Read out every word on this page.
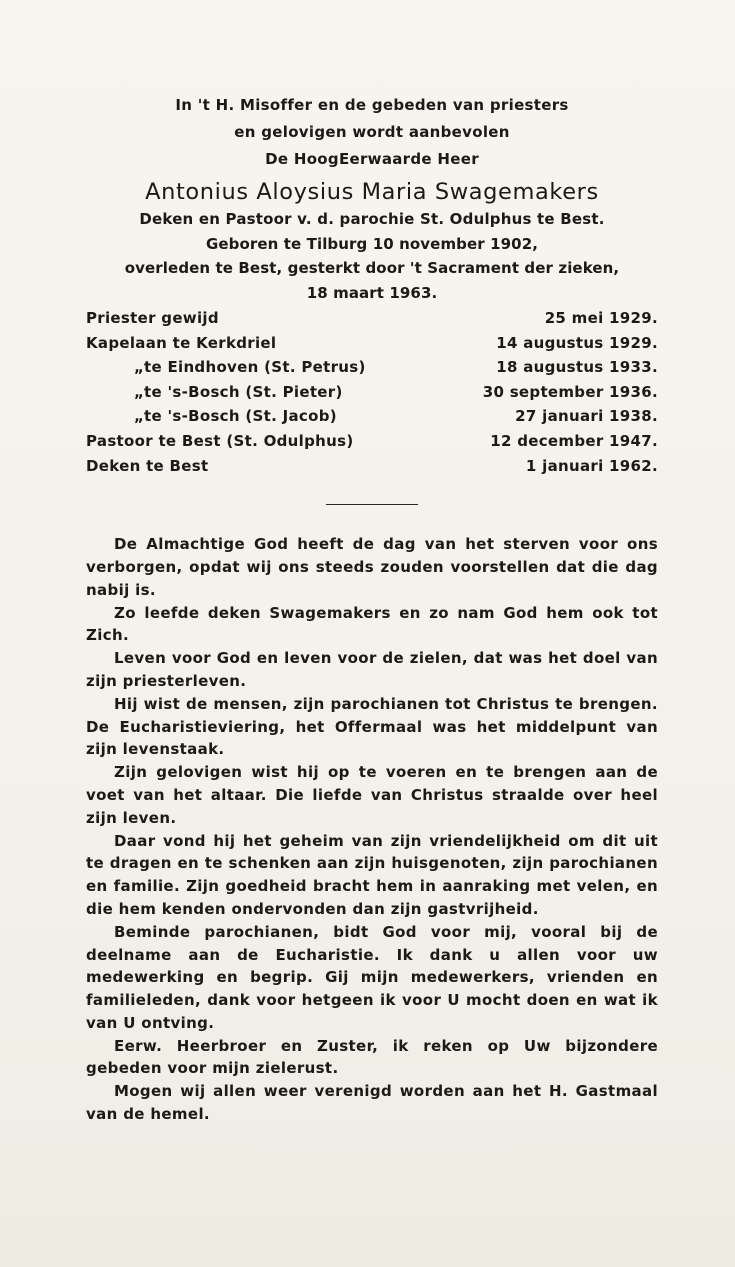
In 't H. Misoffer en de gebeden van priesters
en gelovigen wordt aanbevolen
De HoogEerwaarde Heer
Antonius Aloysius Maria Swagemakers
Deken en Pastoor v. d. parochie St. Odulphus te Best.
Geboren te Tilburg 10 november 1902,
overleden te Best, gesterkt door 't Sacrament der zieken,
18 maart 1963.
Priester gewijd	25 mei 1929.
Kapelaan te Kerkdriel	14 augustus 1929.
„ te Eindhoven (St. Petrus)	18 augustus 1933.
„ te 's-Bosch (St. Pieter)	30 september 1936.
„ te 's-Bosch (St. Jacob)	27 januari 1938.
Pastoor te Best (St. Odulphus)	12 december 1947.
Deken te Best	1 januari 1962.

De Almachtige God heeft de dag van het sterven voor ons verborgen, opdat wij ons steeds zouden voorstellen dat die dag nabij is.

Zo leefde deken Swagemakers en zo nam God hem ook tot Zich.

Leven voor God en leven voor de zielen, dat was het doel van zijn priesterleven.

Hij wist de mensen, zijn parochianen tot Christus te brengen. De Eucharistieviering, het Offermaal was het middelpunt van zijn levenstaak.

Zijn gelovigen wist hij op te voeren en te brengen aan de voet van het altaar. Die liefde van Christus straalde over heel zijn leven.

Daar vond hij het geheim van zijn vriendelijkheid om dit uit te dragen en te schenken aan zijn huisgenoten, zijn parochianen en familie. Zijn goedheid bracht hem in aanraking met velen, en die hem kenden ondervonden dan zijn gastvrijheid.

Beminde parochianen, bidt God voor mij, vooral bij de deelname aan de Eucharistie. Ik dank u allen voor uw medewerking en begrip. Gij mijn medewerkers, vrienden en familieleden, dank voor hetgeen ik voor U mocht doen en wat ik van U ontving.

Eerw. Heerbroer en Zuster, ik reken op Uw bijzondere gebeden voor mijn zielerust.

Mogen wij allen weer verenigd worden aan het H. Gastmaal van de hemel.
